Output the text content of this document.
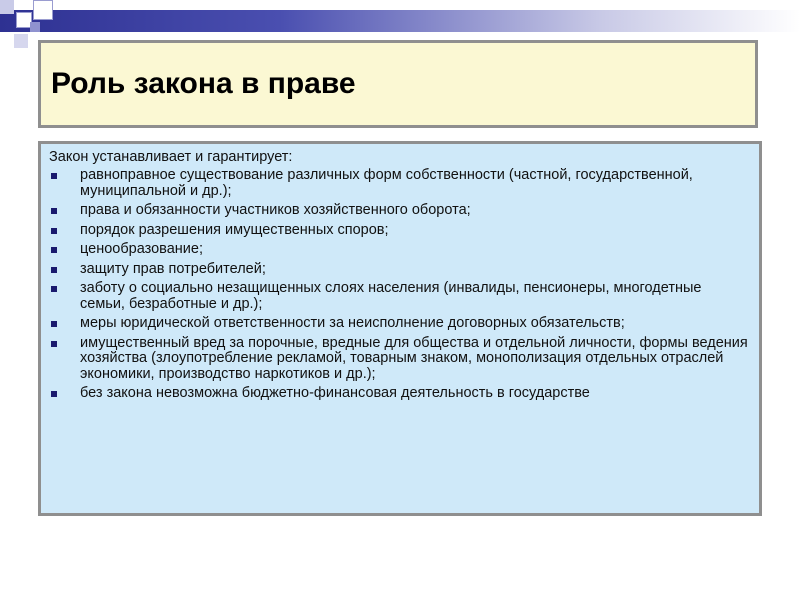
Роль закона в праве

Закон устанавливает и гарантирует:

равноправное существование различных форм собственности (частной, государственной, муниципальной и др.);
права и обязанности участников хозяйственного оборота;
порядок разрешения имущественных споров;
ценообразование;
защиту прав потребителей;
заботу о социально незащищенных слоях населения (инвалиды, пенсионеры, многодетные семьи, безработные и др.);
меры юридической ответственности за неисполнение договорных обязательств;
имущественный вред за порочные, вредные для общества и отдельной личности, формы ведения хозяйства (злоупотребление рекламой, товарным знаком, монополизация отдельных отраслей экономики, производство наркотиков и др.);
без закона невозможна бюджетно-финансовая деятельность в государстве
